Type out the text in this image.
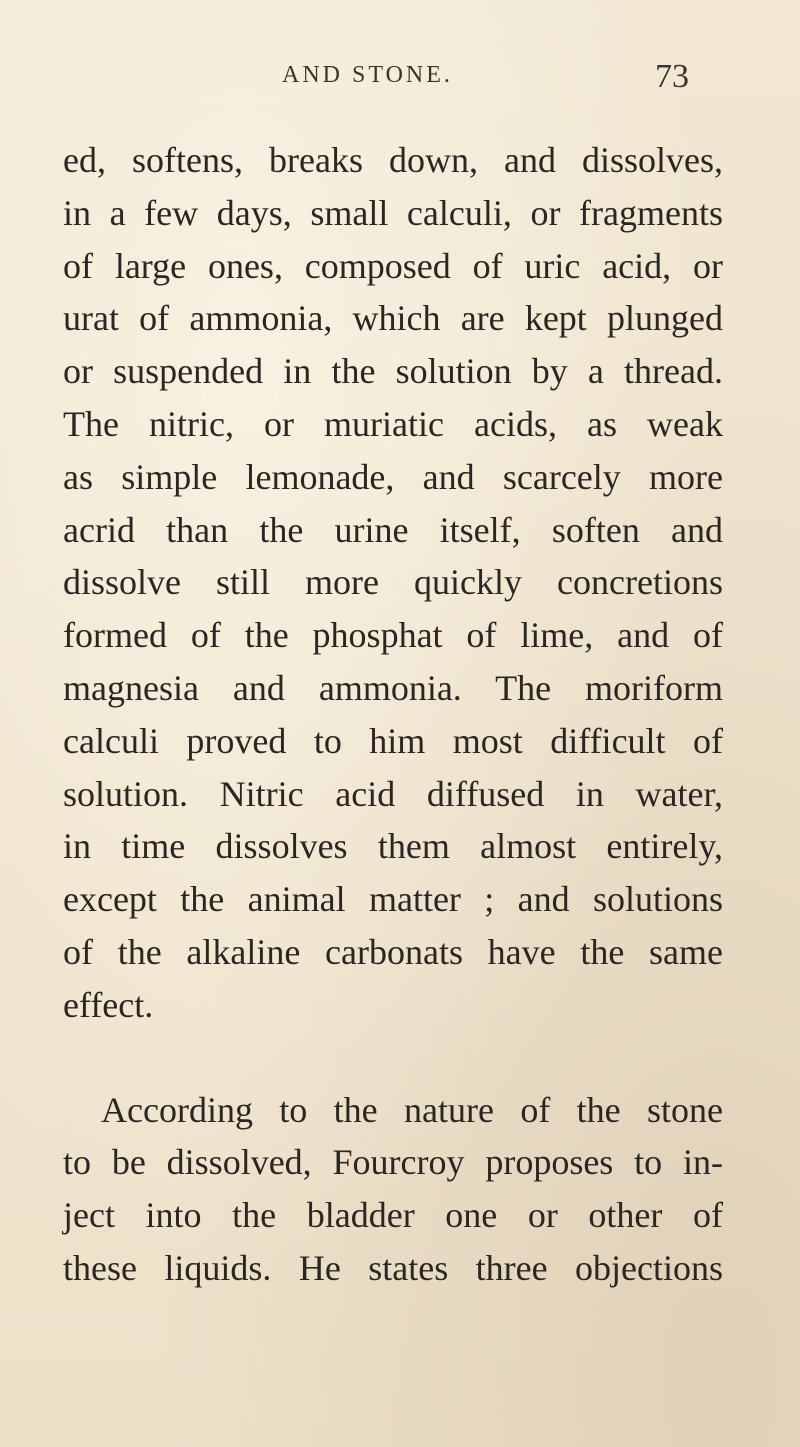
AND STONE.	73
ed, softens, breaks down, and dissolves,
in a few days, small calculi, or fragments
of large ones, composed of uric acid, or
urat of ammonia, which are kept plunged
or suspended in the solution by a thread.
The nitric, or muriatic acids, as weak
as simple lemonade, and scarcely more
acrid than the urine itself, soften and
dissolve still more quickly concretions
formed of the phosphat of lime, and of
magnesia and ammonia. The moriform
calculi proved to him most difficult of
solution. Nitric acid diffused in water,
in time dissolves them almost entirely,
except the animal matter ; and solutions
of the alkaline carbonats have the same
effect.
According to the nature of the stone
to be dissolved, Fourcroy proposes to in-
ject into the bladder one or other of
these liquids. He states three objections
